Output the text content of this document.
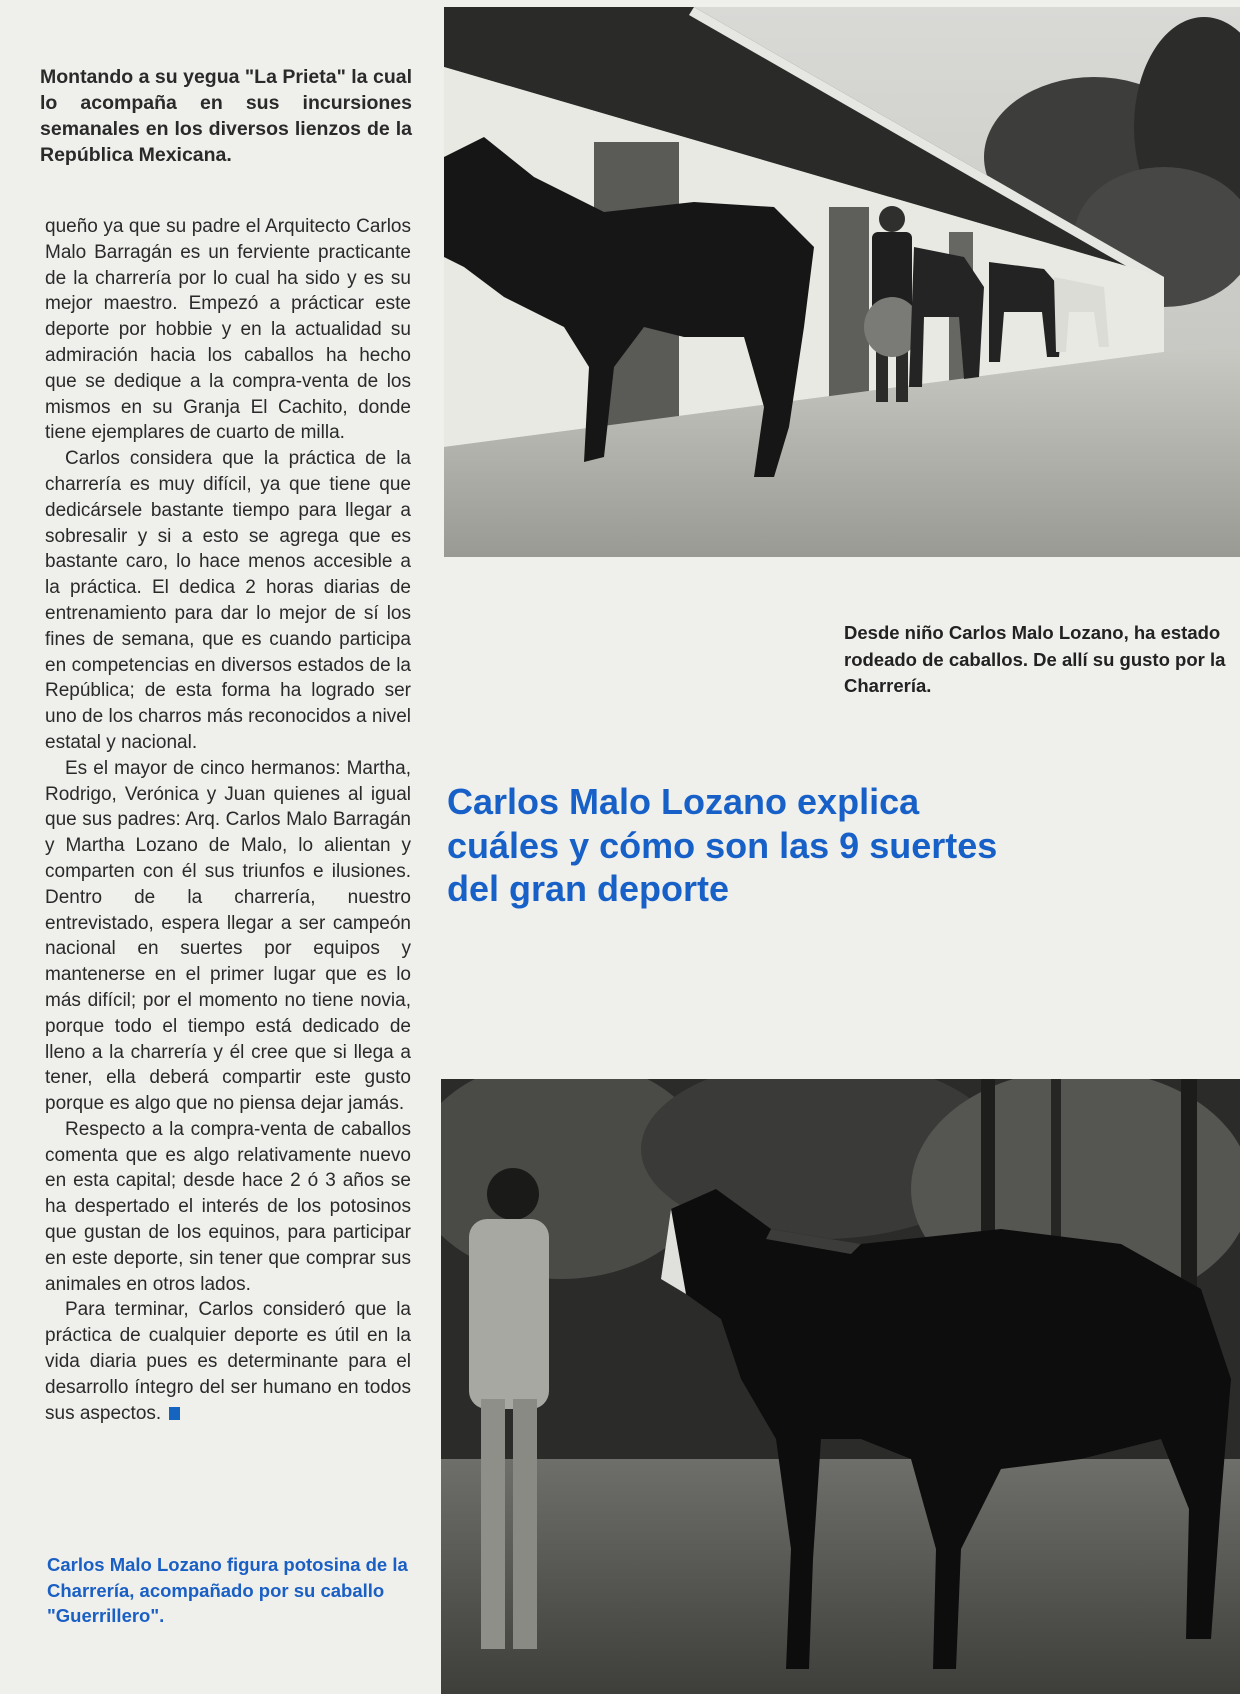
Montando a su yegua "La Prieta" la cual lo acompaña en sus incursiones semanales en los diversos lienzos de la República Mexicana.

queño ya que su padre el Arquitecto Carlos Malo Barragán es un ferviente practicante de la charrería por lo cual ha sido y es su mejor maestro. Empezó a prácticar este deporte por hobbie y en la actualidad su admiración hacia los caballos ha hecho que se dedique a la compra-venta de los mismos en su Granja El Cachito, donde tiene ejemplares de cuarto de milla.

Carlos considera que la práctica de la charrería es muy difícil, ya que tiene que dedicársele bastante tiempo para llegar a sobresalir y si a esto se agrega que es bastante caro, lo hace menos accesible a la práctica. El dedica 2 horas diarias de entrenamiento para dar lo mejor de sí los fines de semana, que es cuando participa en competencias en diversos estados de la República; de esta forma ha logrado ser uno de los charros más reconocidos a nivel estatal y nacional.

Es el mayor de cinco hermanos: Martha, Rodrigo, Verónica y Juan quienes al igual que sus padres: Arq. Carlos Malo Barragán y Martha Lozano de Malo, lo alientan y comparten con él sus triunfos e ilusiones. Dentro de la charrería, nuestro entrevistado, espera llegar a ser campeón nacional en suertes por equipos y mantenerse en el primer lugar que es lo más difícil; por el momento no tiene novia, porque todo el tiempo está dedicado de lleno a la charrería y él cree que si llega a tener, ella deberá compartir este gusto porque es algo que no piensa dejar jamás.

Respecto a la compra-venta de caballos comenta que es algo relativamente nuevo en esta capital; desde hace 2 ó 3 años se ha despertado el interés de los potosinos que gustan de los equinos, para participar en este deporte, sin tener que comprar sus animales en otros lados.

Para terminar, Carlos consideró que la práctica de cualquier deporte es útil en la vida diaria pues es determinante para el desarrollo íntegro del ser humano en todos sus aspectos.

Carlos Malo Lozano figura potosina de la Charrería, acompañado por su caballo "Guerrillero".
Desde niño Carlos Malo Lozano, ha estado rodeado de caballos. De allí su gusto por la Charrería.
Carlos Malo Lozano explica cuáles y cómo son las 9 suertes del gran deporte
